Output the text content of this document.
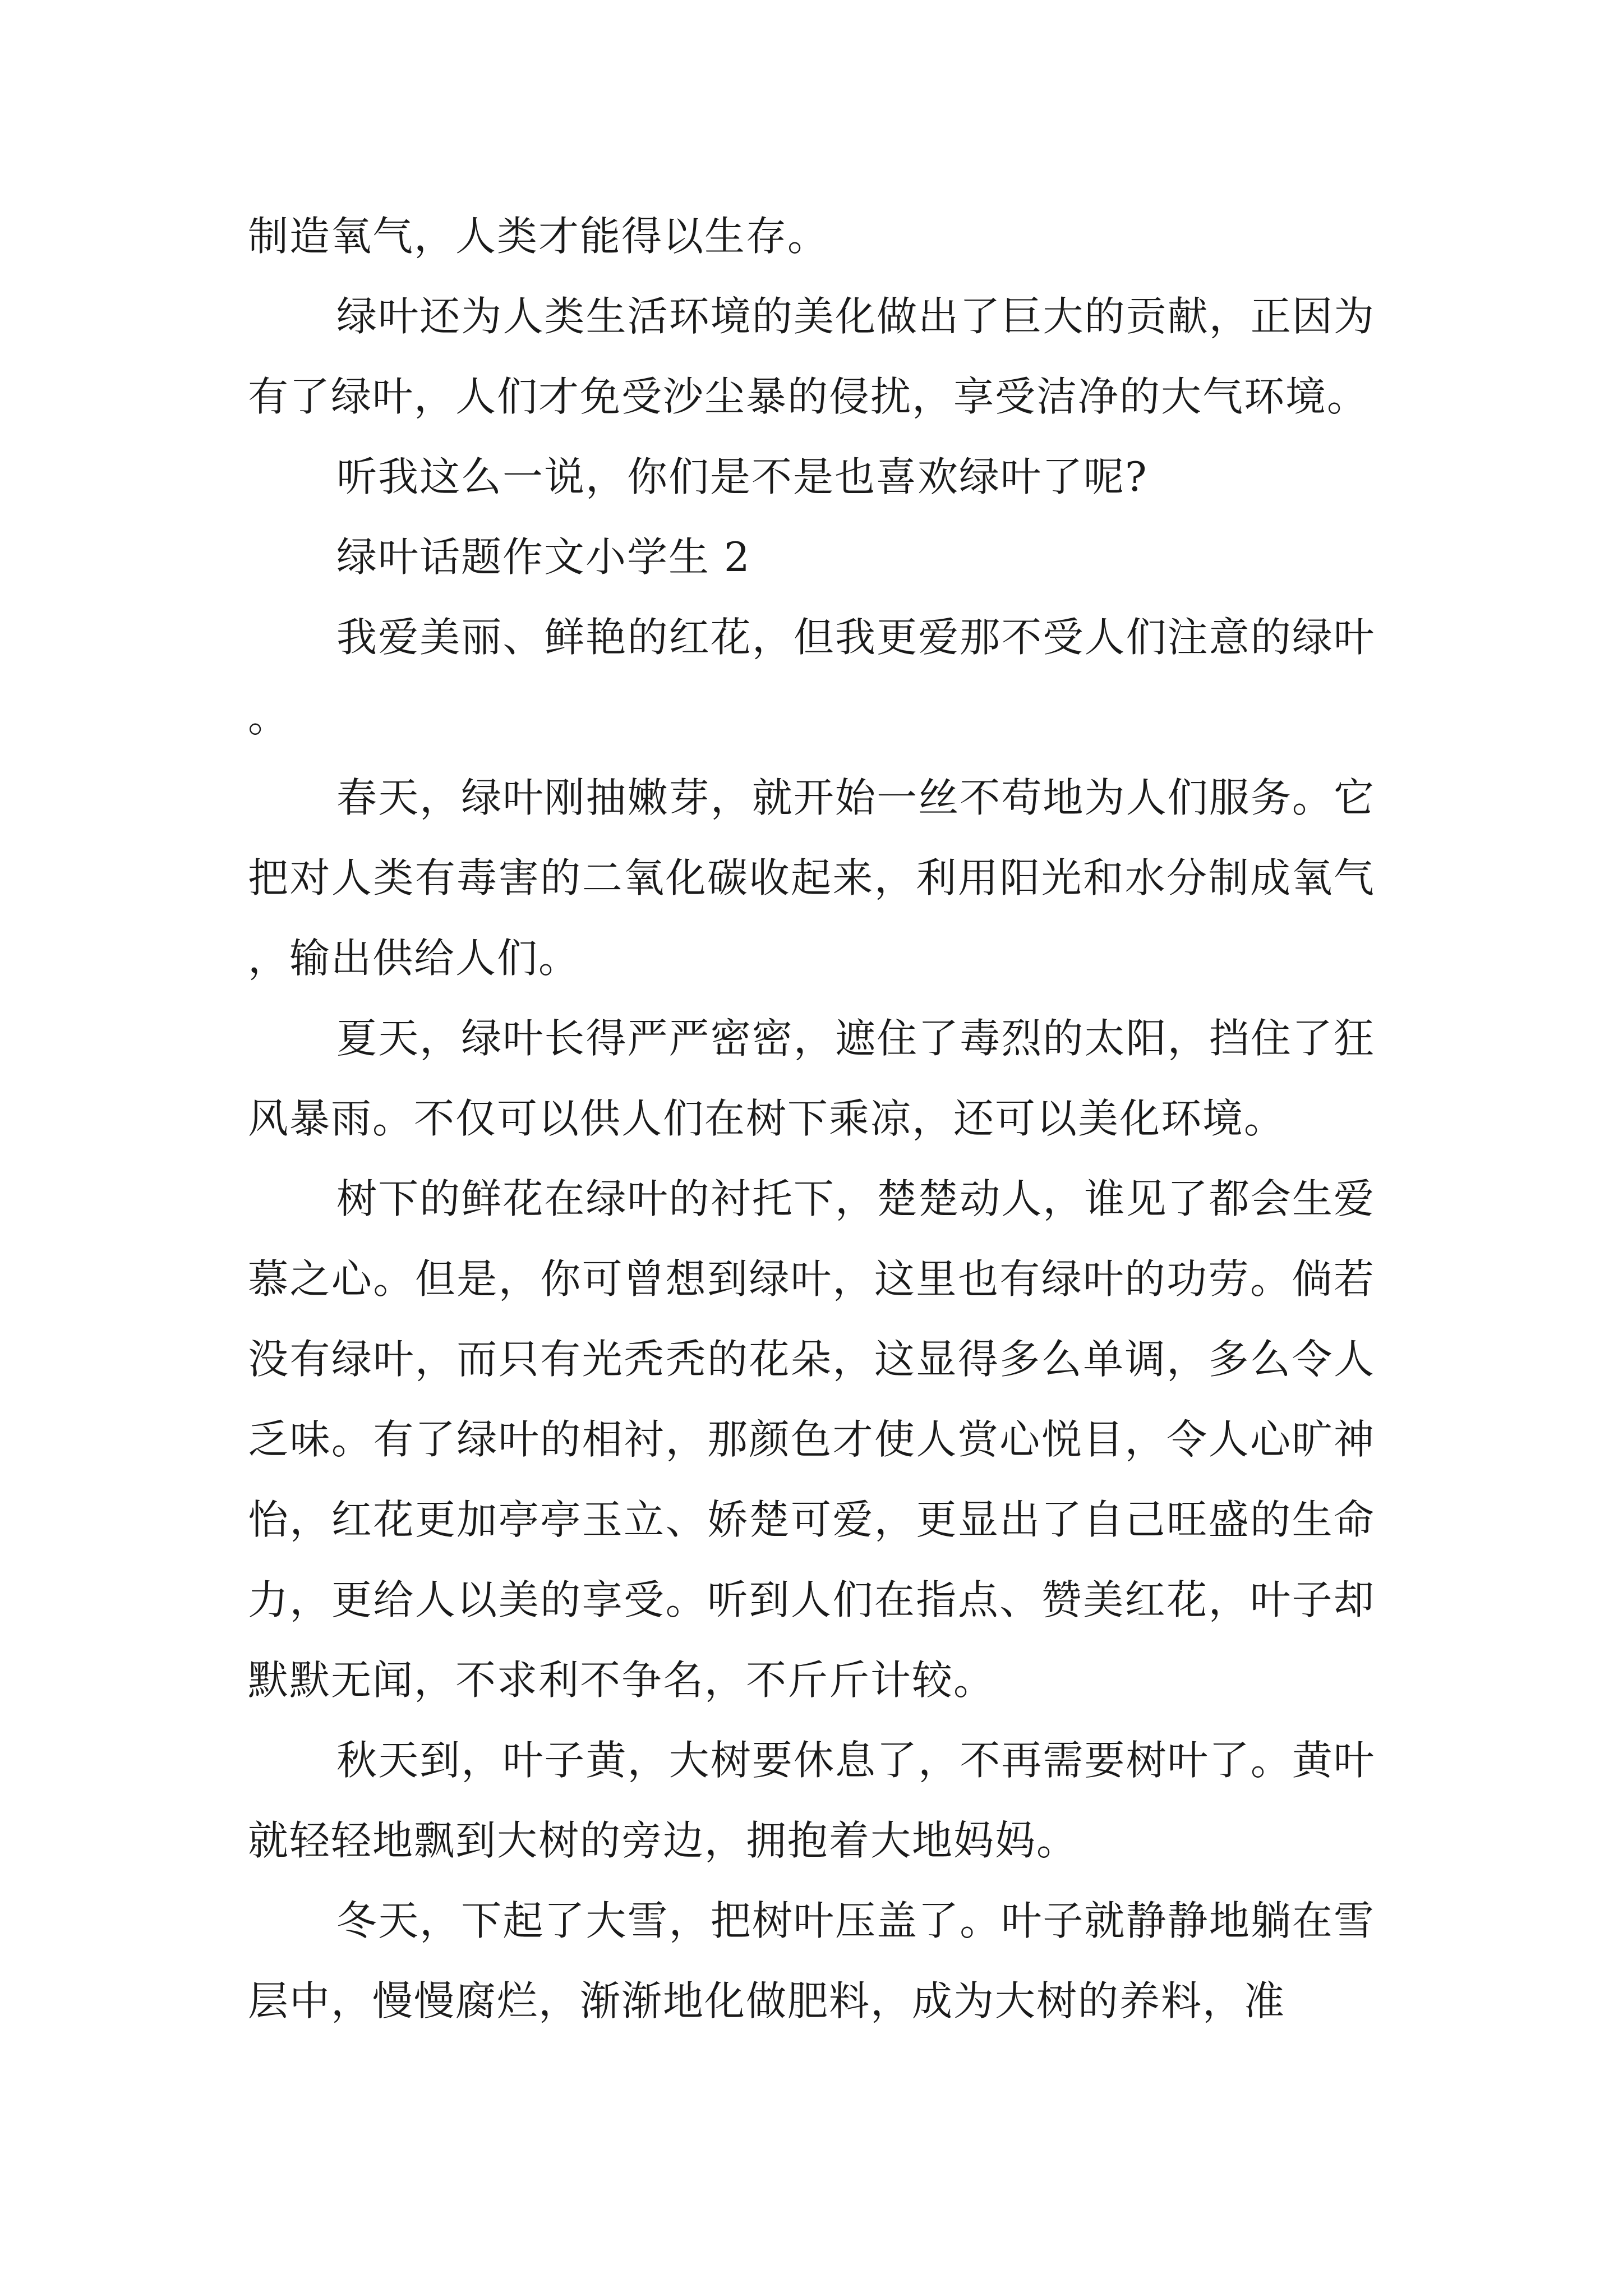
制造氧气，人类才能得以生存。

绿叶还为人类生活环境的美化做出了巨大的贡献，正因为有了绿叶，人们才免受沙尘暴的侵扰，享受洁净的大气环境。

听我这么一说，你们是不是也喜欢绿叶了呢?

绿叶话题作文小学生 2

我爱美丽、鲜艳的红花，但我更爱那不受人们注意的绿叶。

春天，绿叶刚抽嫩芽，就开始一丝不苟地为人们服务。它把对人类有毒害的二氧化碳收起来，利用阳光和水分制成氧气，输出供给人们。

夏天，绿叶长得严严密密，遮住了毒烈的太阳，挡住了狂风暴雨。不仅可以供人们在树下乘凉，还可以美化环境。

树下的鲜花在绿叶的衬托下，楚楚动人，谁见了都会生爱慕之心。但是，你可曾想到绿叶，这里也有绿叶的功劳。倘若没有绿叶，而只有光秃秃的花朵，这显得多么单调，多么令人乏味。有了绿叶的相衬，那颜色才使人赏心悦目，令人心旷神怡，红花更加亭亭玉立、娇楚可爱，更显出了自己旺盛的生命力，更给人以美的享受。听到人们在指点、赞美红花，叶子却默默无闻，不求利不争名，不斤斤计较。

秋天到，叶子黄，大树要休息了，不再需要树叶了。黄叶就轻轻地飘到大树的旁边，拥抱着大地妈妈。

冬天，下起了大雪，把树叶压盖了。叶子就静静地躺在雪层中，慢慢腐烂，渐渐地化做肥料，成为大树的养料，准
